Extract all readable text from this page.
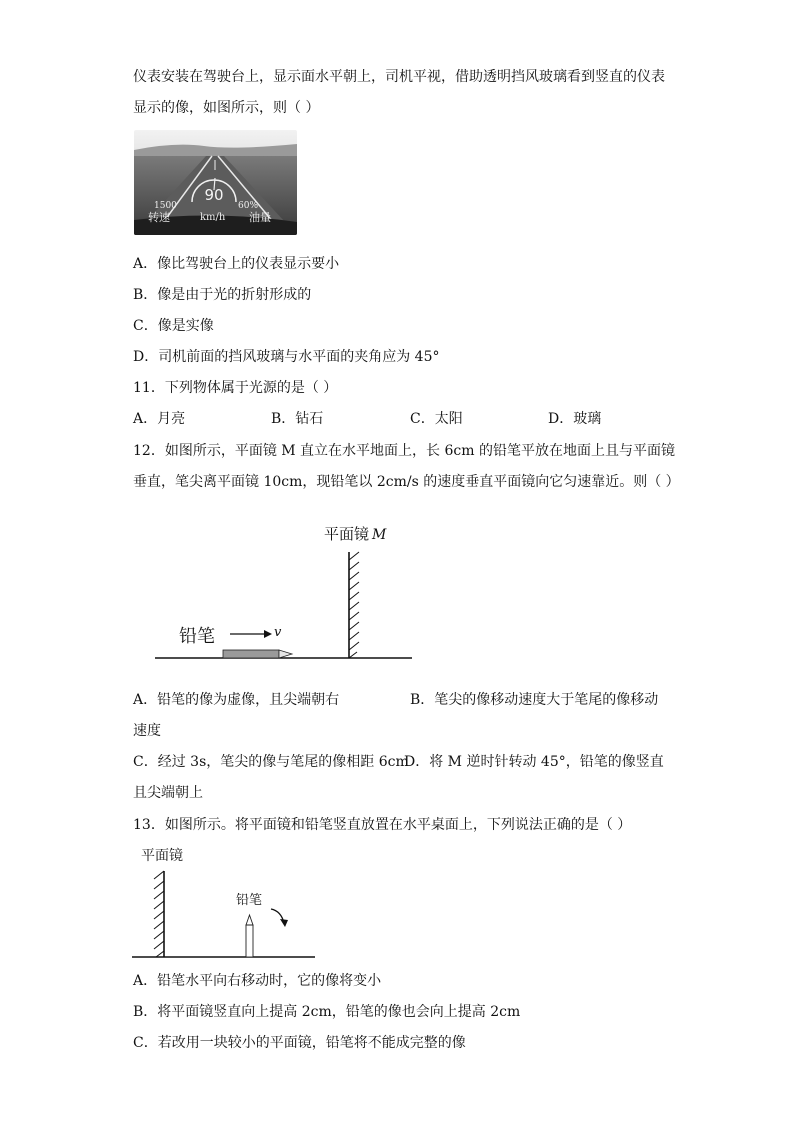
仪表安装在驾驶台上，显示面水平朝上，司机平视，借助透明挡风玻璃看到竖直的仪表
显示的像，如图所示，则（ ）
90
1500	60%
转速	km/h 油量
A．像比驾驶台上的仪表显示要小
B．像是由于光的折射形成的
C．像是实像
D．司机前面的挡风玻璃与水平面的夹角应为 45°
11．下列物体属于光源的是（ ）
A．月亮	B．钻石	C．太阳	D．玻璃
12．如图所示，平面镜 M 直立在水平地面上，长 6cm 的铅笔平放在地面上且与平面镜
垂直，笔尖离平面镜 10cm，现铅笔以 2cm/s 的速度垂直平面镜向它匀速靠近。则（ ）
平面镜 M
铅笔	v
A．铅笔的像为虚像，且尖端朝右	B．笔尖的像移动速度大于笔尾的像移动
速度
C．经过 3s，笔尖的像与笔尾的像相距 6cm
D．将 M 逆时针转动 45°，铅笔的像竖直
且尖端朝上
13．如图所示。将平面镜和铅笔竖直放置在水平桌面上，下列说法正确的是（ ）
平面镜
铅笔
A．铅笔水平向右移动时，它的像将变小
B．将平面镜竖直向上提高 2cm，铅笔的像也会向上提高 2cm
C．若改用一块较小的平面镜，铅笔将不能成完整的像
